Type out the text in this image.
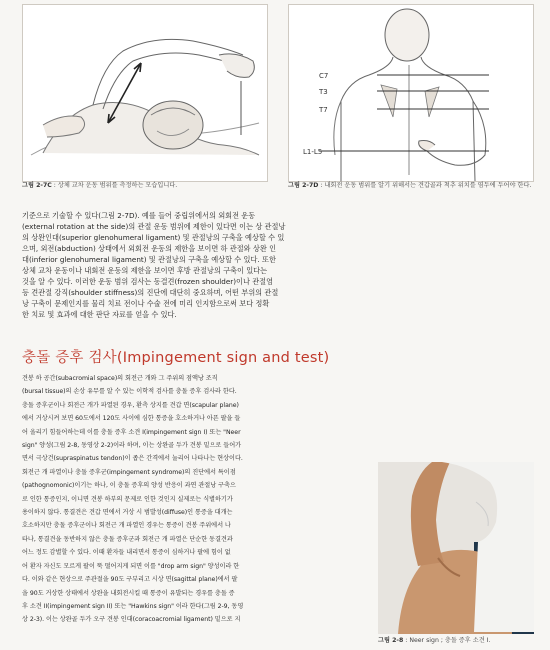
그림 2-7C : 상체 교차 운동 범위를 측정하는 모습입니다.
C7
T3
T7
L1-L5
그림 2-7D : 내회전 운동 범위를 알기 위해서는 견갑골과 척추 위치를 염두에 두어야 한다.

기준으로 기술할 수 있다(그림 2-7D). 예를 들어 중립위에서의 외회전 운동

(external rotation at the side)의 관절 운동 범위에 제한이 있다면 이는 상 관절낭

의 상완인대(superior glenohumeral ligament) 및 관절낭의 구축을 예상할 수 있

으며, 외전(abduction) 상태에서 외회전 운동의 제한을 보이면 하 관절와 상완 인

대(inferior glenohumeral ligament) 및 관절낭의 구축을 예상할 수 있다. 또한

상체 교차 운동이나 내회전 운동의 제한을 보이면 후방 관절낭의 구축이 있다는

것을 알 수 있다. 이러한 운동 범위 검사는 동결견(frozen shoulder)이나 관절염

등 견관절 강직(shoulder stiffness)의 진단에 대단히 중요하며, 어떤 부위의 관절

낭 구축이 문제인지를 물리 치료 전이나 수술 전에 미리 인지함으로써 보다 정확

한 치료 및 효과에 대한 판단 자료를 얻을 수 있다.

충돌 증후 검사(Impingement sign and test)

견봉 하 공간(subacromial space)의 회전근 개와 그 주위의 점액낭 조직

(bursal tissue)의 손상 유무를 알 수 있는 이학적 검사를 충돌 증후 검사라 한다.

충돌 증후군이나 회전근 개가 파열된 경우, 환측 상지를 견갑 면(scapular plane)

에서 거상시켜 보면 60도에서 120도 사이에 심한 통증을 호소하거나 아픈 팔을 들

어 올리기 힘들어하는데 이를 충돌 증후 소견 I(impingement sign I) 또는 "Neer

sign" 양성(그림 2-8, 동영상 2-2)이라 하며, 이는 상완골 두가 견봉 밑으로 들어가

면서 극상건(supraspinatus tendon)이 좁은 간격에서 눌리어 나타나는 현상이다.

회전근 개 파열이나 충돌 증후군(impingement syndrome)의 진단에서 특이점

(pathognomonic)이기는 하나, 이 충돌 증후의 양성 반응이 과연 관절낭 구축으

로 인한 통증인지, 이니면 견봉 하부의 문제로 인한 것인지 실제로는 식별하기가

용이하지 않다. 통결견은 견갑 면에서 거상 시 범발성(diffuse)인 통증을 대개는

호소하지만 충돌 증후군이나 회전근 개 파열인 경우는 통증이 견봉 주위에서 나

타나, 통결견을 동반하지 않은 충돌 증후군과 회전근 개 파열은 단순한 동결견과

어느 정도 감별할 수 있다. 이때 환자들 내리면서 통증이 심하거나 팔에 힘이 없

어 환자 자신도 모르게 팔이 뚝 떨어지게 되면 이를 "drop arm sign" 양성이라 한

다. 이와 같은 현상으로 주관절을 90도 구부리고 시상 면(sagittal plane)에서 팔

을 90도 거상한 상태에서 상완을 내회전시킬 때 통증이 유발되는 경우를 충돌 증

후 소견 II(impingement sign II) 또는 "Hawkins sign" 이라 한다(그림 2-9, 동영

상 2-3). 이는 상완골 두가 오구 견봉 인대(coracoacromial ligament) 밑으로 지

그림 2-8 : Neer sign ; 충돌 증후 소견 I.
